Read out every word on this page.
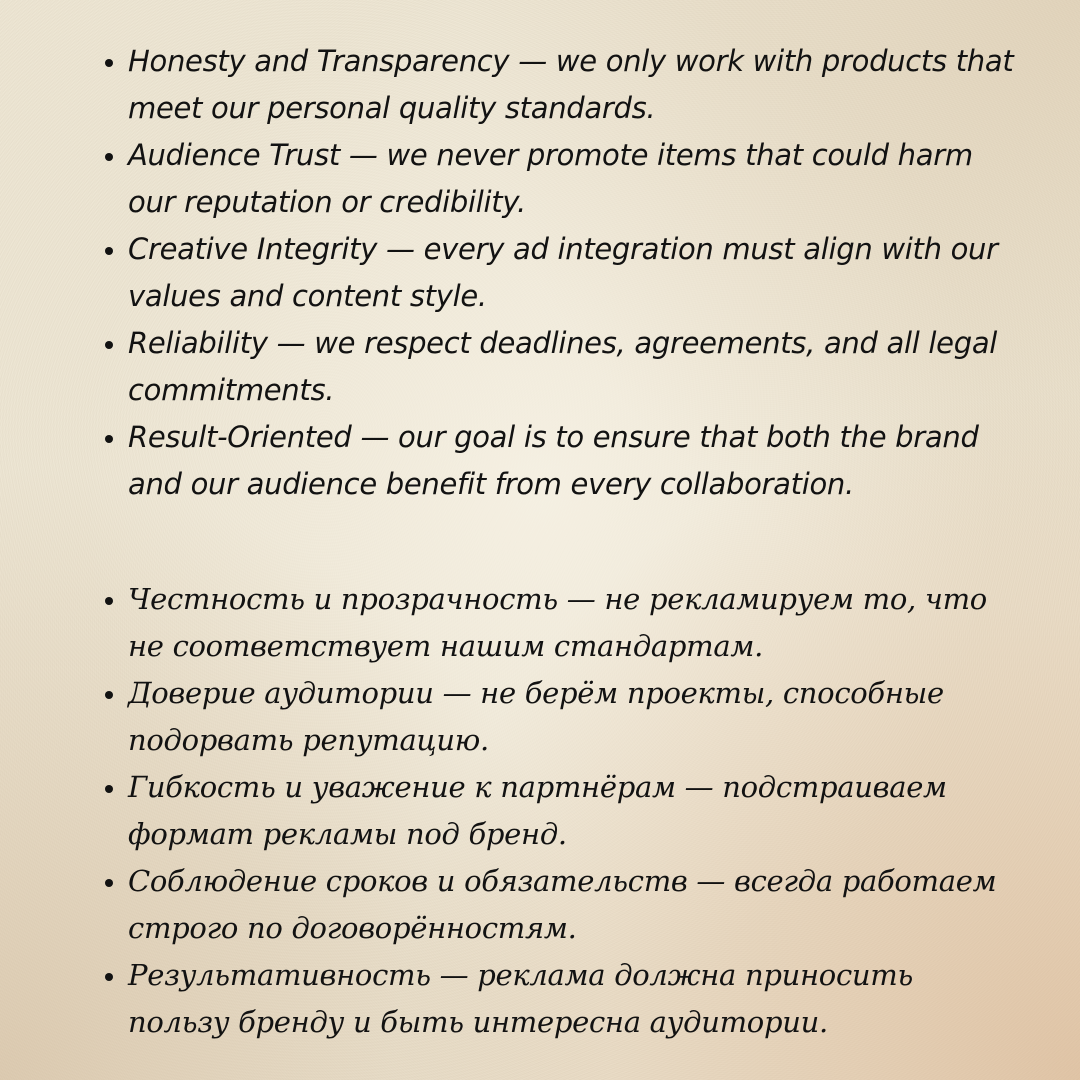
Honesty and Transparency — we only work with products that meet our personal quality standards.
Audience Trust — we never promote items that could harm our reputation or credibility.
Creative Integrity — every ad integration must align with our values and content style.
Reliability — we respect deadlines, agreements, and all legal commitments.
Result-Oriented — our goal is to ensure that both the brand and our audience benefit from every collaboration.
Честность и прозрачность — не рекламируем то, что не соответствует нашим стандартам.
Доверие аудитории — не берём проекты, способные подорвать репутацию.
Гибкость и уважение к партнёрам — подстраиваем формат рекламы под бренд.
Соблюдение сроков и обязательств — всегда работаем строго по договорённостям.
Результативность — реклама должна приносить пользу бренду и быть интересна аудитории.
